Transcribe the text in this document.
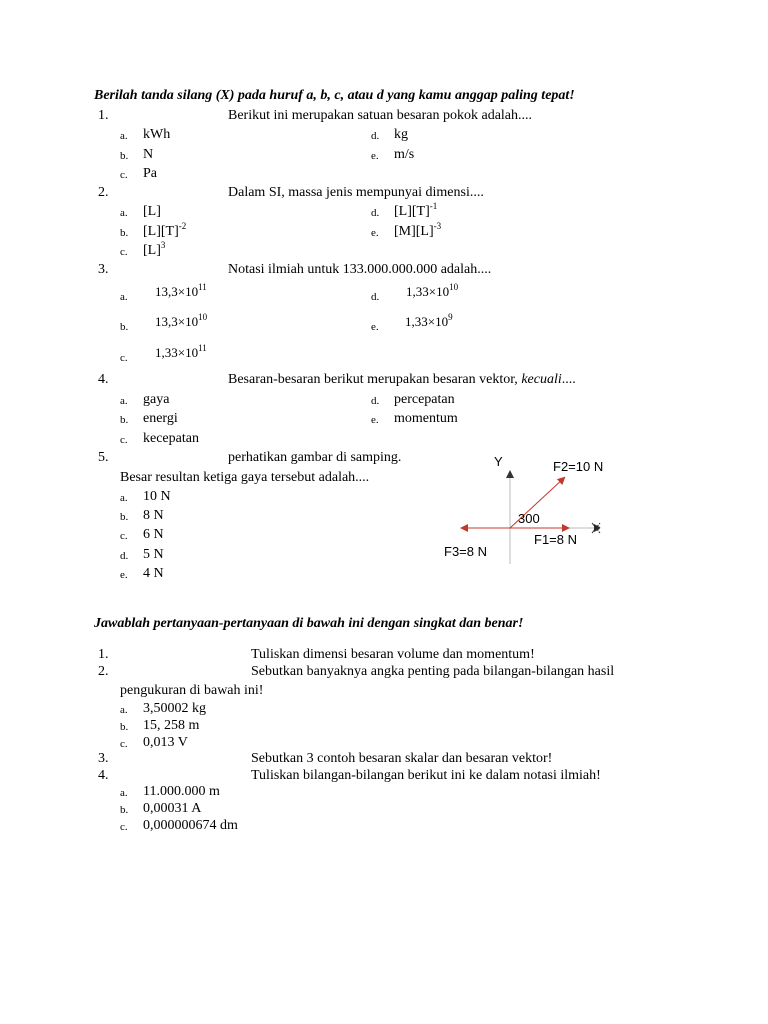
Berilah tanda silang (X) pada huruf a, b, c, atau d yang kamu anggap paling tepat!
1.	Berikut ini merupakan satuan besaran pokok adalah....
a. kWh
b. N
c. Pa
d. kg
e. m/s
2.	Dalam SI, massa jenis mempunyai dimensi....
a. [L]
b. $[L][T]^{-2}$
c. $[L]^3$
d. $[L][T]^{-1}$
e. $[M][L]^{-3}$
3.	Notasi ilmiah untuk 133.000.000.000 adalah....
a. $13,3\times 10^{11}$
b. $13,3\times 10^{10}$
c. $1,33\times 10^{11}$
d. $1,33\times 10^{10}$
e. $1,33\times 10^9$
4.	Besaran-besaran berikut merupakan besaran vektor, kecuali....
a. gaya
b. energi
c. kecepatan
d. percepatan
e. momentum
5.	perhatikan gambar di samping.
Besar resultan ketiga gaya tersebut adalah....
a. 10 N
b. 8 N
c. 6 N
d. 5 N
e. 4 N
Y
X
F2=10 N
300
F1=8 N
F3=8 N
Jawablah pertanyaan-pertanyaan di bawah ini dengan singkat dan benar!
1.	Tuliskan dimensi besaran volume dan momentum!
2.	Sebutkan banyaknya angka penting pada bilangan-bilangan hasil
pengukuran di bawah ini!
a. 3,50002 kg
b. 15, 258 m
c. 0,013 V
3.	Sebutkan 3 contoh besaran skalar dan besaran vektor!
4.	Tuliskan bilangan-bilangan berikut ini ke dalam notasi ilmiah!
a. 11.000.000 m
b. 0,00031 A
c. 0,000000674 dm
